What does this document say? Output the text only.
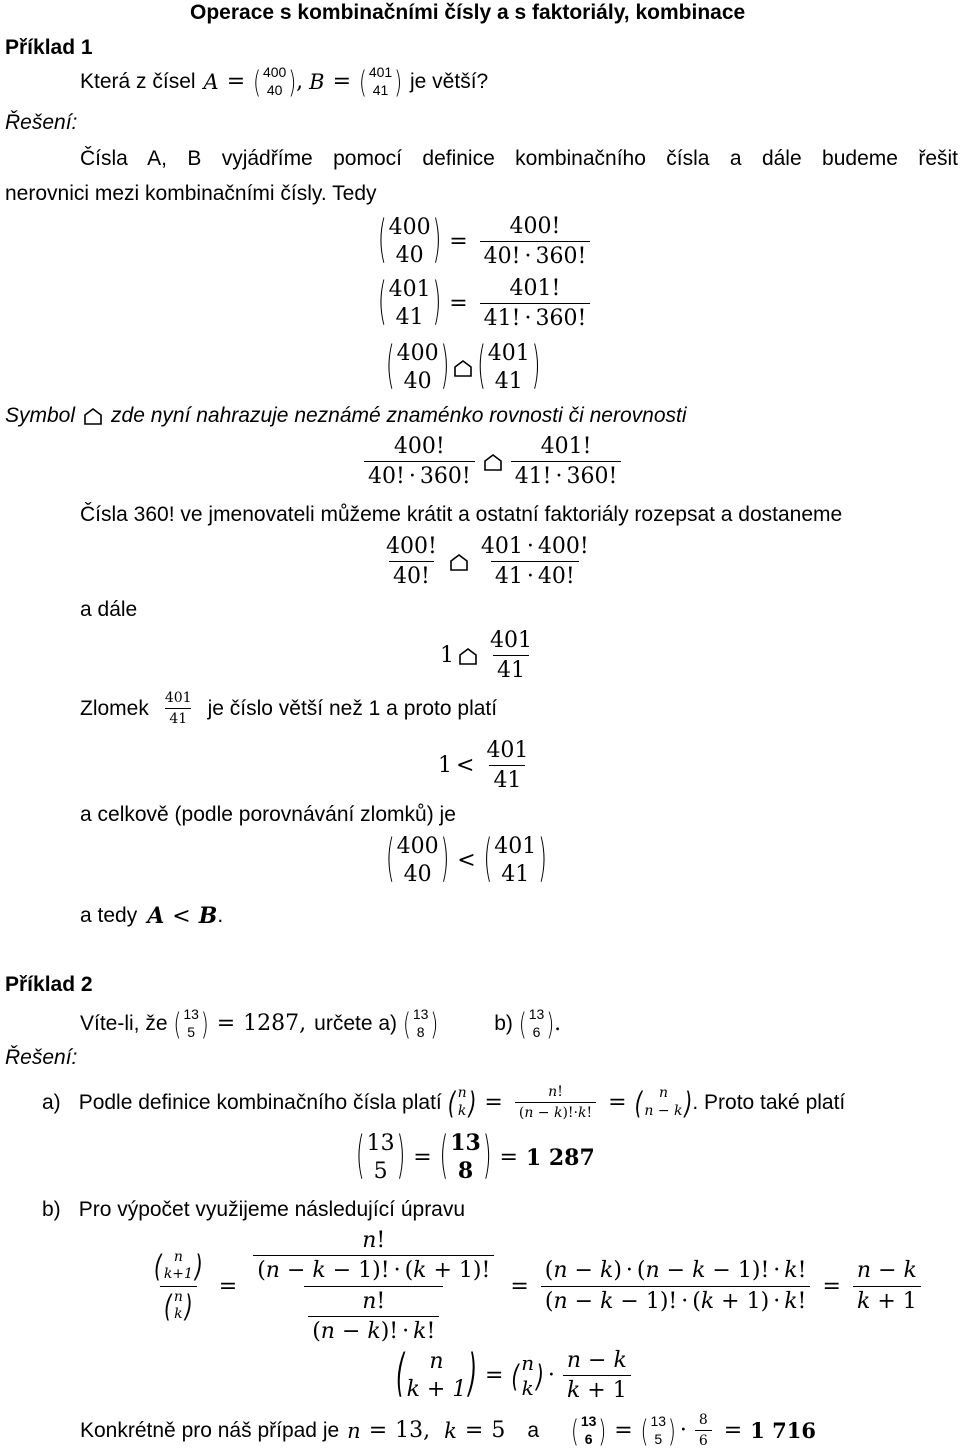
Operace s kombinačními čísly a s faktoriály, kombinace
Příklad 1
Která z čísel A = ( 400
40 ) , B = ( 401
41 ) je větší?
Řešení:
Čísla A, B vyjádříme pomocí definice kombinačního čísla a dále budeme řešit
nerovnici mezi kombinačními čísly. Tedy
( 400
40 ) = $\frac{400!}{40! \cdot 360!}$
( 401
41 ) = $\frac{401!}{41! \cdot 360!}$
( 400
40 ) ( 401
41 )
Symbol zde nyní nahrazuje neznámé znaménko rovnosti či nerovnosti
$\frac{400!}{40! \cdot 360!} \frac{401!}{41! \cdot 360!}$
Čísla 360! ve jmenovateli můžeme krátit a ostatní faktoriály rozepsat a dostaneme
$\frac{400!}{40!} \frac{401 \cdot 400!}{41 \cdot 40!}$
a dále
$1 \frac{401}{41}$
Zlomek $\frac{401}{41}$ je číslo větší než 1 a proto platí
$1 < \frac{401}{41}$
a celkově (podle porovnávání zlomků) je
( 400
40 ) < ( 401
41 )
a tedy A < B .
Příklad 2
Víte-li, že ( 13
5 ) = 1287, určete a) ( 13
8 )	b) ( 13
6 ) .
Řešení:
a) Podle definice kombinačního čísla platí ( n
k ) = $\frac{n!}{(n - k)!\cdot k!}$ = ( n
n − k ) . Proto také platí
( 13
5 ) = ( 13
8 ) = 1 287
b) Pro výpočet využijeme následující úpravu
( n
k+1 )
( n
k ) = $\frac{\frac{n!}{(n - k - 1)! \cdot (k + 1)!}}{\frac{n!}{(n - k)! \cdot k!}} = \frac{(n - k) \cdot (n - k - 1)! \cdot k!}{(n - k - 1)! \cdot (k + 1) \cdot k!} = \frac{n - k}{k + 1}$
( n
k + 1 ) = ( n
k ) · $\frac{n - k}{k + 1}$
Konkrétně pro náš případ je n = 13, k = 5 a ( 13
6 ) = ( 13
5 ) · $\frac{8}{6} = 1$ 716
